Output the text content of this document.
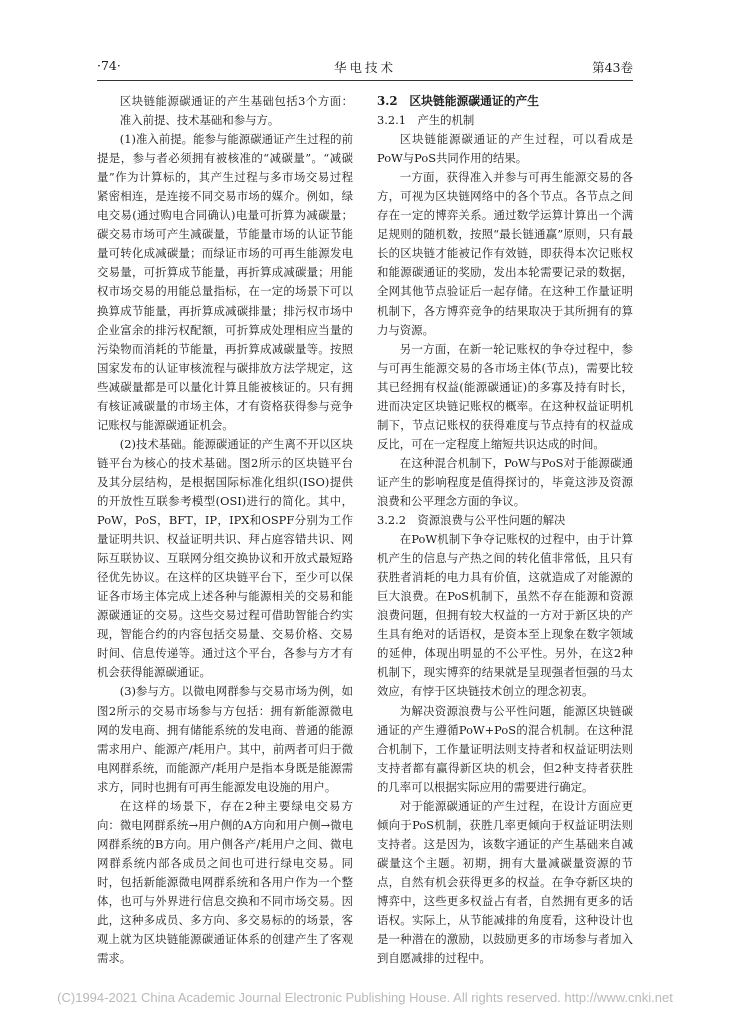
·74·	华电技术	第43卷

区块链能源碳通证的产生基础包括3个方面：准入前提、技术基础和参与方。

(1)准入前提。能参与能源碳通证产生过程的前提是，参与者必须拥有被核准的“减碳量”。“减碳量”作为计算标的，其产生过程与多市场交易过程紧密相连，是连接不同交易市场的媒介。例如，绿电交易(通过购电合同确认)电量可折算为减碳量；碳交易市场可产生减碳量，节能量市场的认证节能量可转化成减碳量；而绿证市场的可再生能源发电交易量，可折算成节能量，再折算成减碳量；用能权市场交易的用能总量指标，在一定的场景下可以换算成节能量，再折算成减碳排量；排污权市场中企业富余的排污权配额，可折算成处理相应当量的污染物而消耗的节能量，再折算成减碳量等。按照国家发布的认证审核流程与碳排放方法学规定，这些减碳量都是可以量化计算且能被核证的。只有拥有核证减碳量的市场主体，才有资格获得参与竞争记账权与能源碳通证机会。

(2)技术基础。能源碳通证的产生离不开以区块链平台为核心的技术基础。图2所示的区块链平台及其分层结构，是根据国际标准化组织(ISO)提供的开放性互联参考模型(OSI)进行的简化。其中，PoW，PoS，BFT，IP，IPX和OSPF分别为工作量证明共识、权益证明共识、拜占庭容错共识、网际互联协议、互联网分组交换协议和开放式最短路径优先协议。在这样的区块链平台下，至少可以保证各市场主体完成上述各种与能源相关的交易和能源碳通证的交易。这些交易过程可借助智能合约实现，智能合约的内容包括交易量、交易价格、交易时间、信息传递等。通过这个平台，各参与方才有机会获得能源碳通证。

(3)参与方。以微电网群参与交易市场为例，如图2所示的交易市场参与方包括：拥有新能源微电网的发电商、拥有储能系统的发电商、普通的能源需求用户、能源产/耗用户。其中，前两者可归于微电网群系统，而能源产/耗用户是指本身既是能源需求方，同时也拥有可再生能源发电设施的用户。

在这样的场景下，存在2种主要绿电交易方向：微电网群系统→用户侧的A方向和用户侧→微电网群系统的B方向。用户侧各产/耗用户之间、微电网群系统内部各成员之间也可进行绿电交易。同时，包括新能源微电网群系统和各用户作为一个整体，也可与外界进行信息交换和不同市场交易。因此，这种多成员、多方向、多交易标的的场景，客观上就为区块链能源碳通证体系的创建产生了客观需求。

3.2　区块链能源碳通证的产生
3.2.1　产生的机制

区块链能源碳通证的产生过程，可以看成是PoW与PoS共同作用的结果。

一方面，获得准入并参与可再生能源交易的各方，可视为区块链网络中的各个节点。各节点之间存在一定的博弈关系。通过数学运算计算出一个满足规则的随机数，按照“最长链通赢”原则，只有最长的区块链才能被记作有效链，即获得本次记账权和能源碳通证的奖励，发出本轮需要记录的数据，全网其他节点验证后一起存储。在这种工作量证明机制下，各方博弈竞争的结果取决于其所拥有的算力与资源。

另一方面，在新一轮记账权的争夺过程中，参与可再生能源交易的各市场主体(节点)，需要比较其已经拥有权益(能源碳通证)的多寡及持有时长，进而决定区块链记账权的概率。在这种权益证明机制下，节点记账权的获得难度与节点持有的权益成反比，可在一定程度上缩短共识达成的时间。

在这种混合机制下，PoW与PoS对于能源碳通证产生的影响程度是值得探讨的，毕竟这涉及资源浪费和公平理念方面的争议。

3.2.2　资源浪费与公平性问题的解决

在PoW机制下争夺记账权的过程中，由于计算机产生的信息与产热之间的转化值非常低，且只有获胜者消耗的电力具有价值，这就造成了对能源的巨大浪费。在PoS机制下，虽然不存在能源和资源浪费问题，但拥有较大权益的一方对于新区块的产生具有绝对的话语权，是资本至上现象在数字领域的延伸，体现出明显的不公平性。另外，在这2种机制下，现实博弈的结果就是呈现强者恒强的马太效应，有悖于区块链技术创立的理念初衷。

为解决资源浪费与公平性问题，能源区块链碳通证的产生遵循PoW+PoS的混合机制。在这种混合机制下，工作量证明法则支持者和权益证明法则支持者都有赢得新区块的机会，但2种支持者获胜的几率可以根据实际应用的需要进行确定。

对于能源碳通证的产生过程，在设计方面应更倾向于PoS机制，获胜几率更倾向于权益证明法则支持者。这是因为，该数字通证的产生基础来自减碳量这个主题。初期，拥有大量减碳量资源的节点，自然有机会获得更多的权益。在争夺新区块的博弈中，这些更多权益占有者，自然拥有更多的话语权。实际上，从节能减排的角度看，这种设计也是一种潜在的激励，以鼓励更多的市场参与者加入到自愿减排的过程中。

(C)1994-2021 China Academic Journal Electronic Publishing House. All rights reserved. http://www.cnki.net
